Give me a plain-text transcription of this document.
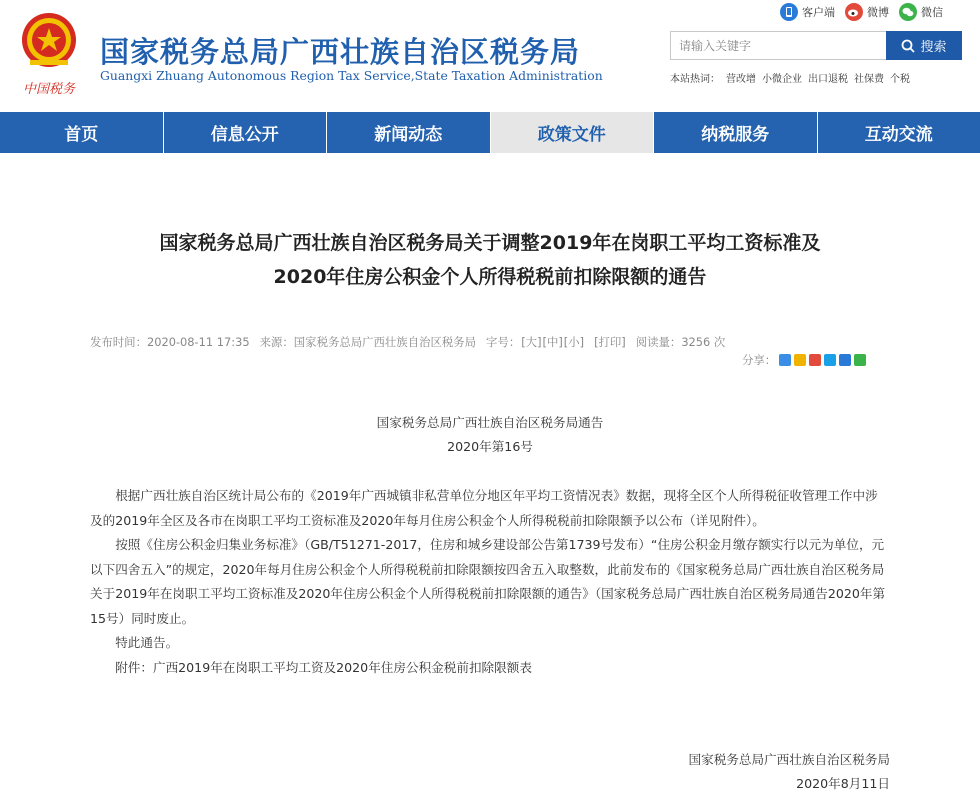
中国税务
国家税务总局广西壮族自治区税务局
Guangxi Zhuang Autonomous Region Tax Service,State Taxation Administration
客户端	微博	微信
请输入关键字
搜索
本站热词： 营改增 小微企业 出口退税 社保费 个税
首页	信息公开	新闻动态	政策文件	纳税服务	互动交流
国家税务总局广西壮族自治区税务局关于调整2019年在岗职工平均工资标准及
2020年住房公积金个人所得税税前扣除限额的通告
发布时间：2020-08-11 17:35 来源：国家税务总局广西壮族自治区税务局 字号： [大] [中] [小] [打印] 阅读量：3256 次
分享：
国家税务总局广西壮族自治区税务局通告
2020年第16号

根据广西壮族自治区统计局公布的《2019年广西城镇非私营单位分地区年平均工资情况表》数据，现将全区个人所得税征收管理工作中涉及的2019年全区及各市在岗职工平均工资标准及2020年每月住房公积金个人所得税税前扣除限额予以公布（详见附件）。

按照《住房公积金归集业务标准》（GB/T51271-2017，住房和城乡建设部公告第1739号发布）“住房公积金月缴存额实行以元为单位，元以下四舍五入”的规定，2020年每月住房公积金个人所得税税前扣除限额按四舍五入取整数，此前发布的《国家税务总局广西壮族自治区税务局关于2019年在岗职工平均工资标准及2020年住房公积金个人所得税税前扣除限额的通告》（国家税务总局广西壮族自治区税务局通告2020年第15号）同时废止。

特此通告。

附件：广西2019年在岗职工平均工资及2020年住房公积金税前扣除限额表

国家税务总局广西壮族自治区税务局
2020年8月11日
